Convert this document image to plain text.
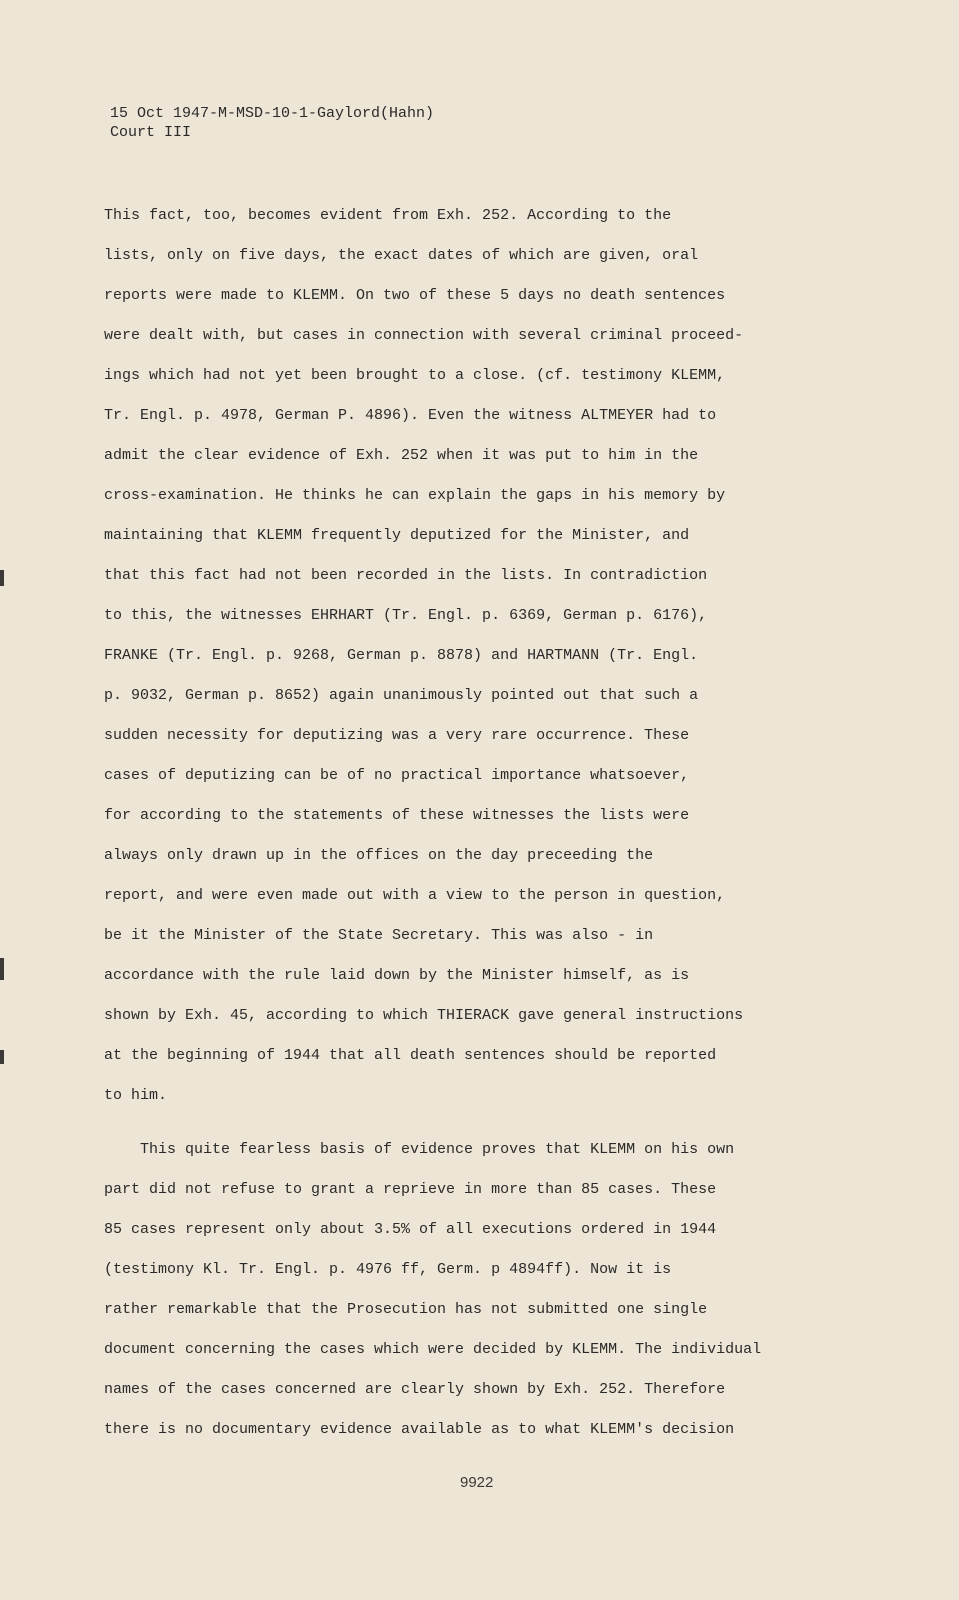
15 Oct 1947-M-MSD-10-1-Gaylord(Hahn)
Court III
This fact, too, becomes evident from Exh. 252. According to the
lists, only on five days, the exact dates of which are given, oral
reports were made to KLEMM. On two of these 5 days no death sentences
were dealt with, but cases in connection with several criminal proceed-
ings which had not yet been brought to a close. (cf. testimony KLEMM,
Tr. Engl. p. 4978, German P. 4896). Even the witness ALTMEYER had to
admit the clear evidence of Exh. 252 when it was put to him in the
cross-examination. He thinks he can explain the gaps in his memory by
maintaining that KLEMM frequently deputized for the Minister, and
that this fact had not been recorded in the lists. In contradiction
to this, the witnesses EHRHART (Tr. Engl. p. 6369, German p. 6176),
FRANKE (Tr. Engl. p. 9268, German p. 8878) and HARTMANN (Tr. Engl.
p. 9032, German p. 8652) again unanimously pointed out that such a
sudden necessity for deputizing was a very rare occurrence. These
cases of deputizing can be of no practical importance whatsoever,
for according to the statements of these witnesses the lists were
always only drawn up in the offices on the day preceeding the
report, and were even made out with a view to the person in question,
be it the Minister of the State Secretary. This was also - in
accordance with the rule laid down by the Minister himself, as is
shown by Exh. 45, according to which THIERACK gave general instructions
at the beginning of 1944 that all death sentences should be reported
to him.
This quite fearless basis of evidence proves that KLEMM on his own
part did not refuse to grant a reprieve in more than 85 cases. These
85 cases represent only about 3.5% of all executions ordered in 1944
(testimony Kl. Tr. Engl. p. 4976 ff, Germ. p 4894ff). Now it is
rather remarkable that the Prosecution has not submitted one single
document concerning the cases which were decided by KLEMM. The individual
names of the cases concerned are clearly shown by Exh. 252. Therefore
there is no documentary evidence available as to what KLEMM's decision
9922
